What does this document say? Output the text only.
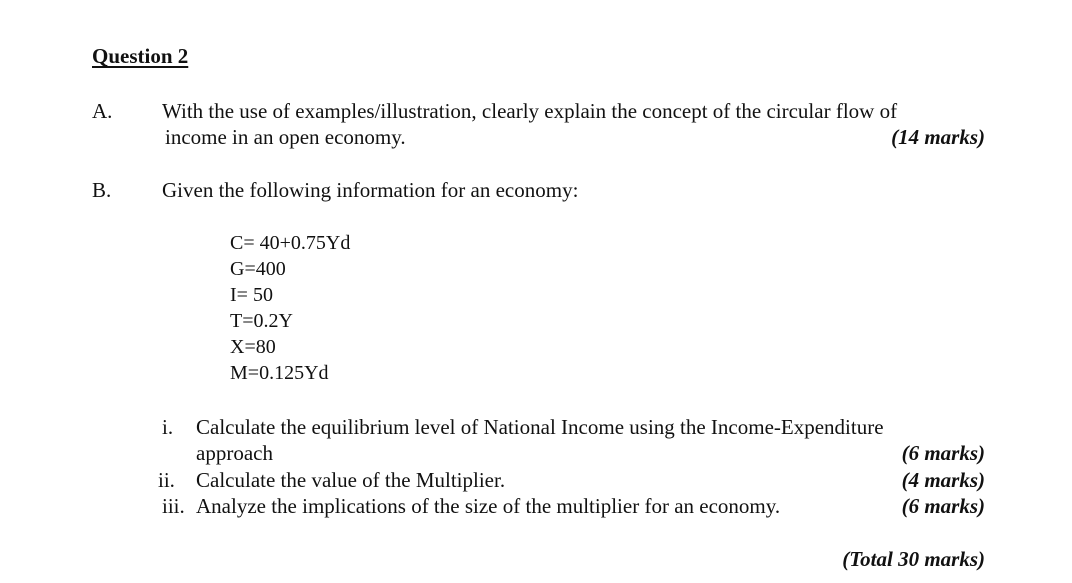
Question 2
A. With the use of examples/illustration, clearly explain the concept of the circular flow of
income in an open economy.	(14 marks)
B. Given the following information for an economy:
C= 40+0.75Yd
G=400
I= 50
T=0.2Y
X=80
M=0.125Yd
i. Calculate the equilibrium level of National Income using the Income-Expenditure
approach	(6 marks)
ii. Calculate the value of the Multiplier.	(4 marks)
iii. Analyze the implications of the size of the multiplier for an economy.	(6 marks)
(Total 30 marks)
